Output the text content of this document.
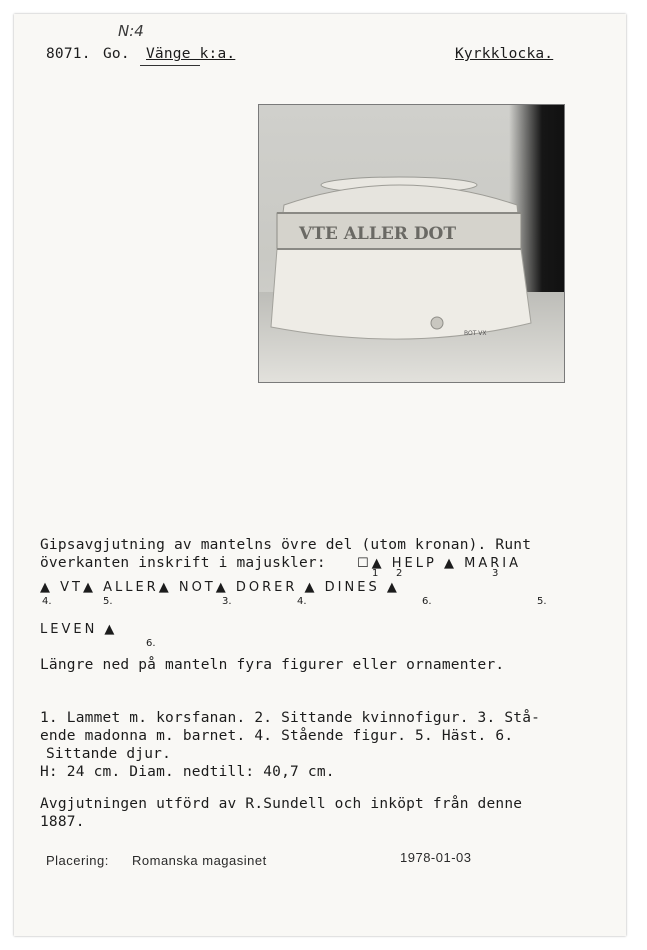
N:4
8071. Go. Vänge k:a.	Kyrkklocka.
VTE ALLER DOT
BOT VX
Gipsavgjutning av mantelns övre del (utom kronan). Runt
överkanten inskrift i majuskler: ☐▲ HELP ▲ MARIA
1 2	3
▲ VT▲ ALLER▲ NOT▲ DORER ▲ DINES ▲
4.	5.	3.	4.	6.	5.
LEVEN ▲
6.
Längre ned på manteln fyra figurer eller ornamenter.
1. Lammet m. korsfanan. 2. Sittande kvinnofigur. 3. Stå-
ende madonna m. barnet. 4. Stående figur. 5. Häst. 6.
Sittande djur.
H: 24 cm. Diam. nedtill: 40,7 cm.
Avgjutningen utförd av R.Sundell och inköpt från denne
1887.
Placering: Romanska magasinet	1978-01-03
